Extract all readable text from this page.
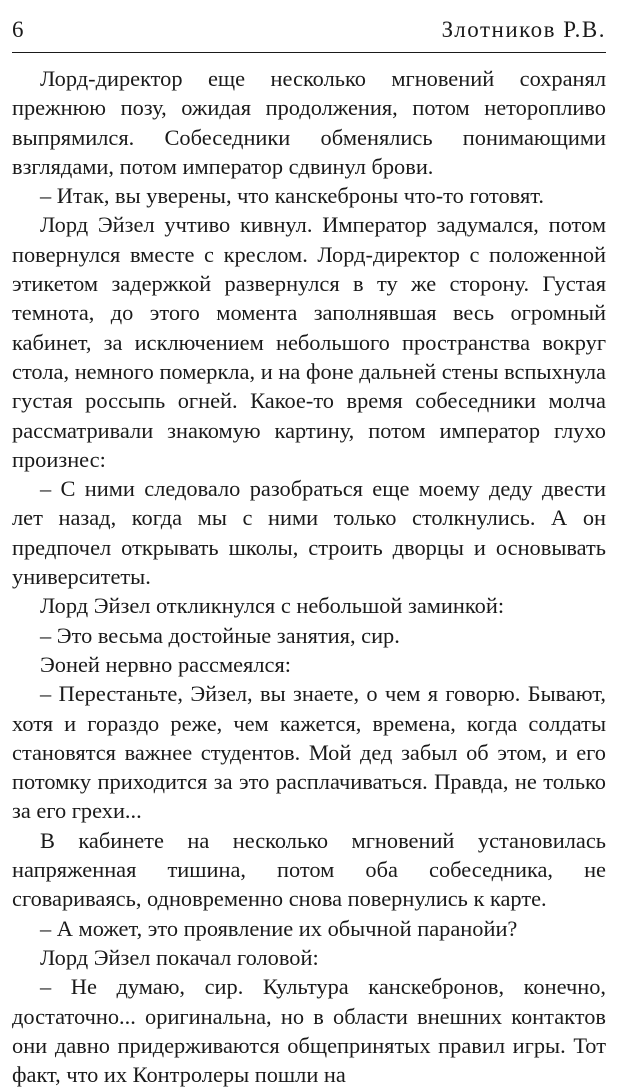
6	Злотников Р.В.

Лорд-директор еще несколько мгновений сохранял прежнюю позу, ожидая продолжения, потом неторопливо выпрямился. Собеседники обменялись понимающими взглядами, потом император сдвинул брови.

– Итак, вы уверены, что канскеброны что-то готовят.

Лорд Эйзел учтиво кивнул. Император задумался, потом повернулся вместе с креслом. Лорд-директор с положенной этикетом задержкой развернулся в ту же сторону. Густая темнота, до этого момента заполнявшая весь огромный кабинет, за исключением небольшого пространства вокруг стола, немного померкла, и на фоне дальней стены вспыхнула густая россыпь огней. Какое-то время собеседники молча рассматривали знакомую картину, потом император глухо произнес:

– С ними следовало разобраться еще моему деду двести лет назад, когда мы с ними только столкнулись. А он предпочел открывать школы, строить дворцы и основывать университеты.

Лорд Эйзел откликнулся с небольшой заминкой:

– Это весьма достойные занятия, сир.

Эоней нервно рассмеялся:

– Перестаньте, Эйзел, вы знаете, о чем я говорю. Бывают, хотя и гораздо реже, чем кажется, времена, когда солдаты становятся важнее студентов. Мой дед забыл об этом, и его потомку приходится за это расплачиваться. Правда, не только за его грехи...

В кабинете на несколько мгновений установилась напряженная тишина, потом оба собеседника, не сговариваясь, одновременно снова повернулись к карте.

– А может, это проявление их обычной паранойи?

Лорд Эйзел покачал головой:

– Не думаю, сир. Культура канскебронов, конечно, достаточно... оригинальна, но в области внешних контактов они давно придерживаются общепринятых правил игры. Тот факт, что их Контролеры пошли на
